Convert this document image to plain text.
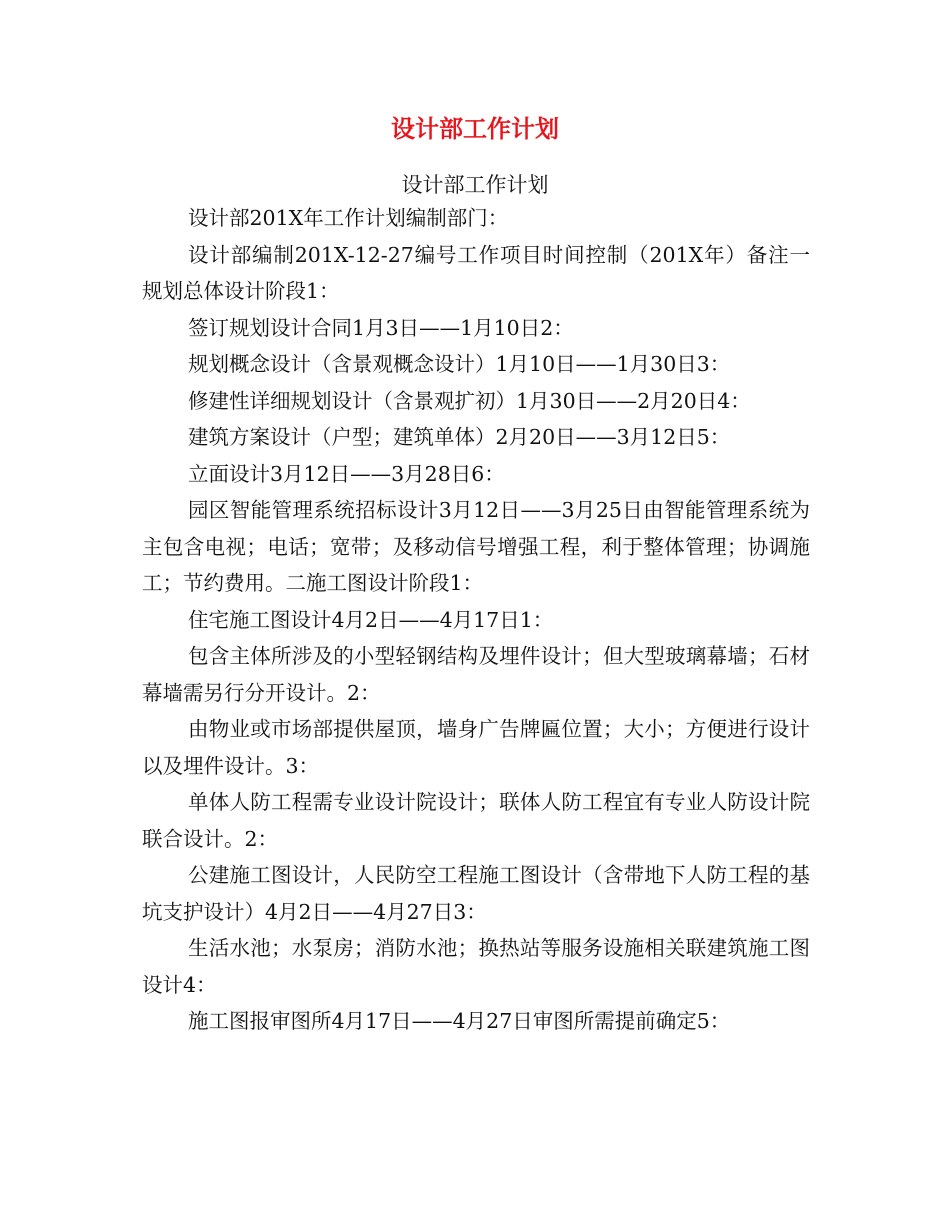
设计部工作计划
设计部工作计划

设计部201X年工作计划编制部门：

设计部编制201X-12-27编号工作项目时间控制（201X年）备注一规划总体设计阶段1：

签订规划设计合同1月3日——1月10日2：

规划概念设计（含景观概念设计）1月10日——1月30日3：

修建性详细规划设计（含景观扩初）1月30日——2月20日4：

建筑方案设计（户型；建筑单体）2月20日——3月12日5：

立面设计3月12日——3月28日6：

园区智能管理系统招标设计3月12日——3月25日由智能管理系统为主包含电视；电话；宽带；及移动信号增强工程，利于整体管理；协调施工；节约费用。二施工图设计阶段1：

住宅施工图设计4月2日——4月17日1：

包含主体所涉及的小型轻钢结构及埋件设计；但大型玻璃幕墙；石材幕墙需另行分开设计。2：

由物业或市场部提供屋顶，墙身广告牌匾位置；大小；方便进行设计以及埋件设计。3：

单体人防工程需专业设计院设计；联体人防工程宜有专业人防设计院联合设计。2：

公建施工图设计，人民防空工程施工图设计（含带地下人防工程的基坑支护设计）4月2日——4月27日3：

生活水池；水泵房；消防水池；换热站等服务设施相关联建筑施工图设计4：

施工图报审图所4月17日——4月27日审图所需提前确定5：
